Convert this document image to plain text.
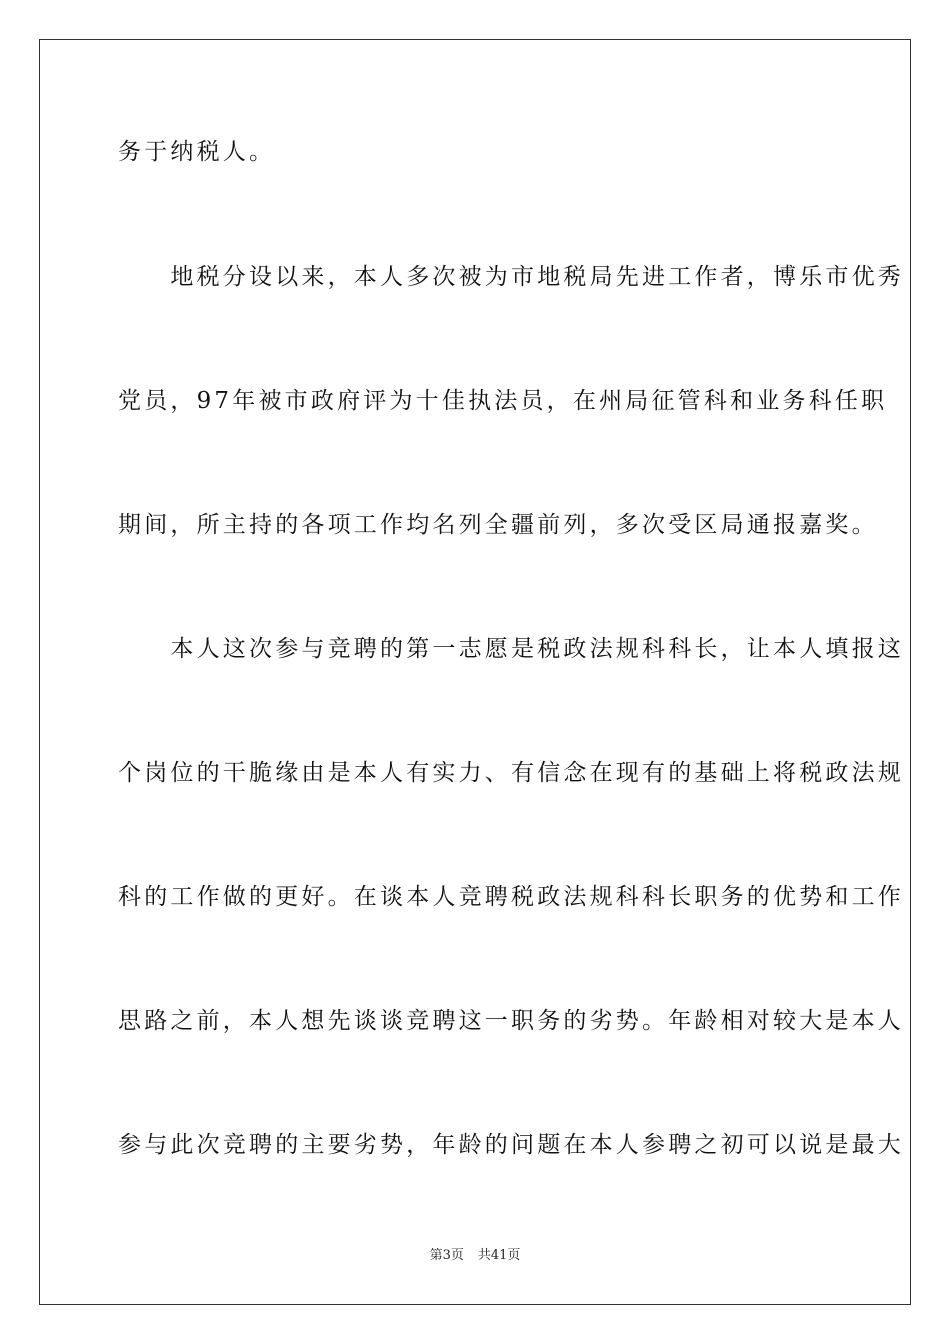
务于纳税人。
　　地税分设以来，本人多次被为市地税局先进工作者，博乐市优秀
党员，97年被市政府评为十佳执法员，在州局征管科和业务科任职
期间，所主持的各项工作均名列全疆前列，多次受区局通报嘉奖。
　　本人这次参与竞聘的第一志愿是税政法规科科长，让本人填报这
个岗位的干脆缘由是本人有实力、有信念在现有的基础上将税政法规
科的工作做的更好。在谈本人竞聘税政法规科科长职务的优势和工作
思路之前，本人想先谈谈竞聘这一职务的劣势。年龄相对较大是本人
参与此次竞聘的主要劣势，年龄的问题在本人参聘之初可以说是最大
第3页 共41页
